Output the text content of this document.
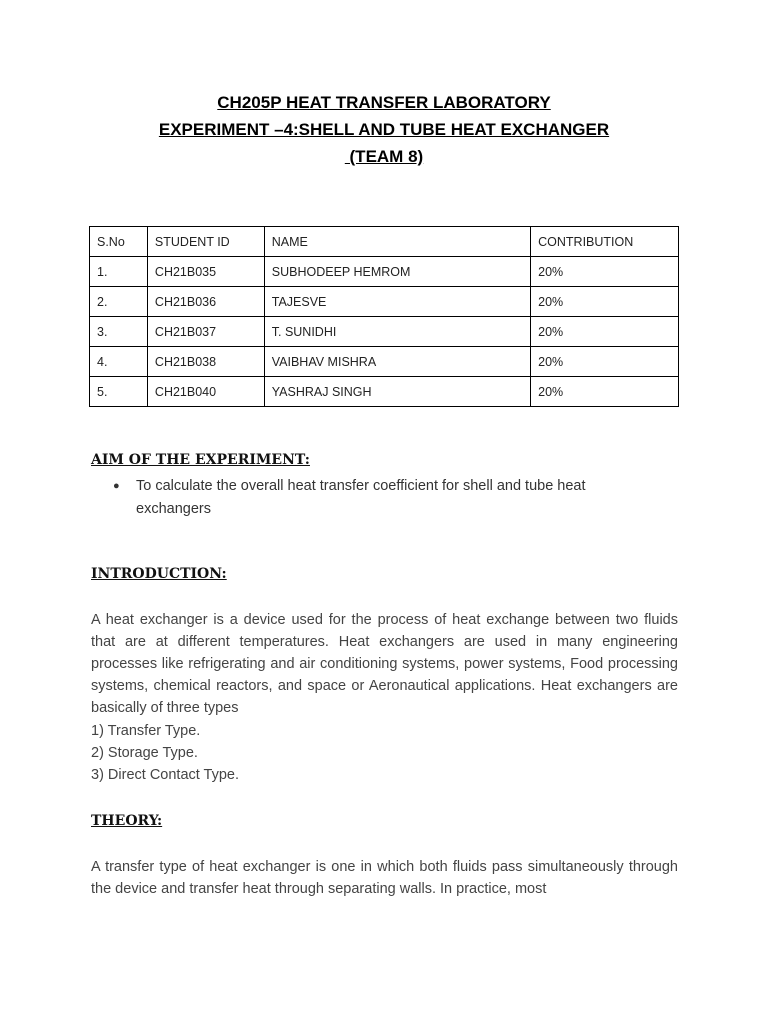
CH205P HEAT TRANSFER LABORATORY
EXPERIMENT –4:SHELL AND TUBE HEAT EXCHANGER
(TEAM 8)
S.No	STUDENT ID	NAME	CONTRIBUTION
1.	CH21B035	SUBHODEEP HEMROM	20%
2.	CH21B036	TAJESVE	20%
3.	CH21B037	T. SUNIDHI	20%
4.	CH21B038	VAIBHAV MISHRA	20%
5.	CH21B040	YASHRAJ SINGH	20%
AIM OF THE EXPERIMENT:
● To calculate the overall heat transfer coefficient for shell and tube heat exchangers
INTRODUCTION:
A heat exchanger is a device used for the process of heat exchange between two fluids that are at different temperatures. Heat exchangers are used in many engineering processes like refrigerating and air conditioning systems, power systems, Food processing systems, chemical reactors, and space or Aeronautical applications. Heat exchangers are basically of three types
1) Transfer Type.
2) Storage Type.
3) Direct Contact Type.
THEORY:
A transfer type of heat exchanger is one in which both fluids pass simultaneously through the device and transfer heat through separating walls. In practice, most
